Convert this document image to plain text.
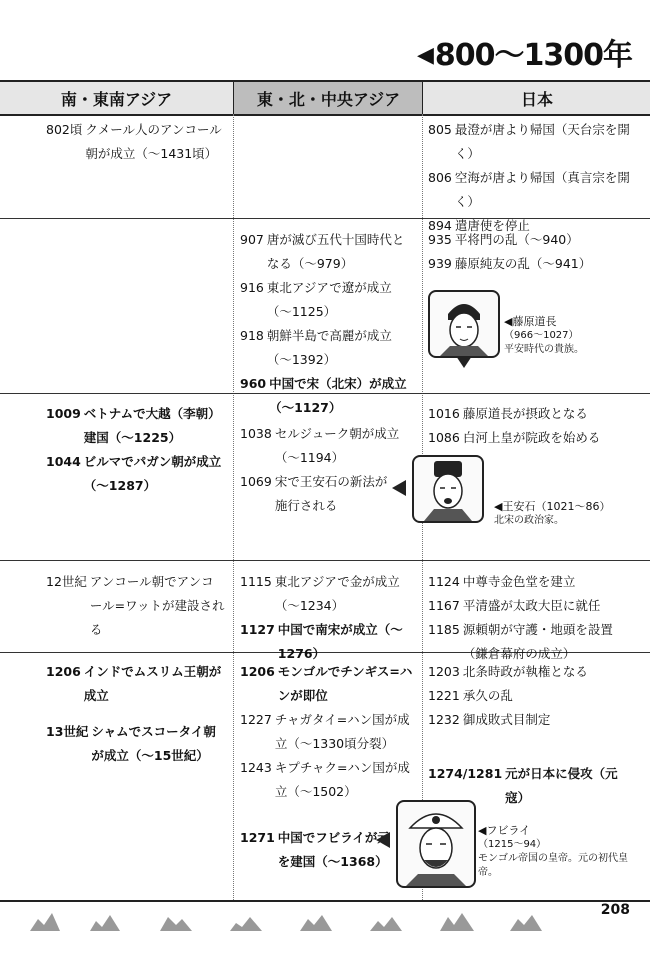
◀800〜1300年
南・東南アジア	東・北・中央アジア	日本
802頃 クメール人のアンコール朝が成立（〜1431頃）
805 最澄が唐より帰国（天台宗を開く）
806 空海が唐より帰国（真言宗を開く）
894 遣唐使を停止
907 唐が滅び五代十国時代となる（〜979）
916 東北アジアで遼が成立（〜1125）
918 朝鮮半島で高麗が成立（〜1392）
960 中国で宋（北宋）が成立（〜1127）
935 平将門の乱（〜940）
939 藤原純友の乱（〜941）
◀藤原道長
（966〜1027）
平安時代の貴族。
1009 ベトナムで大越（李朝）建国（〜1225）
1044 ビルマでパガン朝が成立（〜1287）
1038 セルジューク朝が成立（〜1194）
1069 宋で王安石の新法が施行される
1016 藤原道長が摂政となる
1086 白河上皇が院政を始める
◀王安石（1021〜86）
北宋の政治家。
12世紀 アンコール朝でアンコール=ワットが建設される
1115 東北アジアで金が成立（〜1234）
1127 中国で南宋が成立（〜1276）
1124 中尊寺金色堂を建立
1167 平清盛が太政大臣に就任
1185 源頼朝が守護・地頭を設置（鎌倉幕府の成立）
1206 インドでムスリム王朝が成立
13世紀 シャムでスコータイ朝が成立（〜15世紀）
1206 モンゴルでチンギス=ハンが即位
1227 チャガタイ=ハン国が成立（〜1330頃分裂）
1243 キプチャク=ハン国が成立（〜1502）
1271 中国でフビライが元を建国（〜1368）
1203 北条時政が執権となる
1221 承久の乱
1232 御成敗式目制定
1274/1281 元が日本に侵攻（元寇）
◀フビライ
（1215〜94）
モンゴル帝国の皇帝。元の初代皇帝。
208
